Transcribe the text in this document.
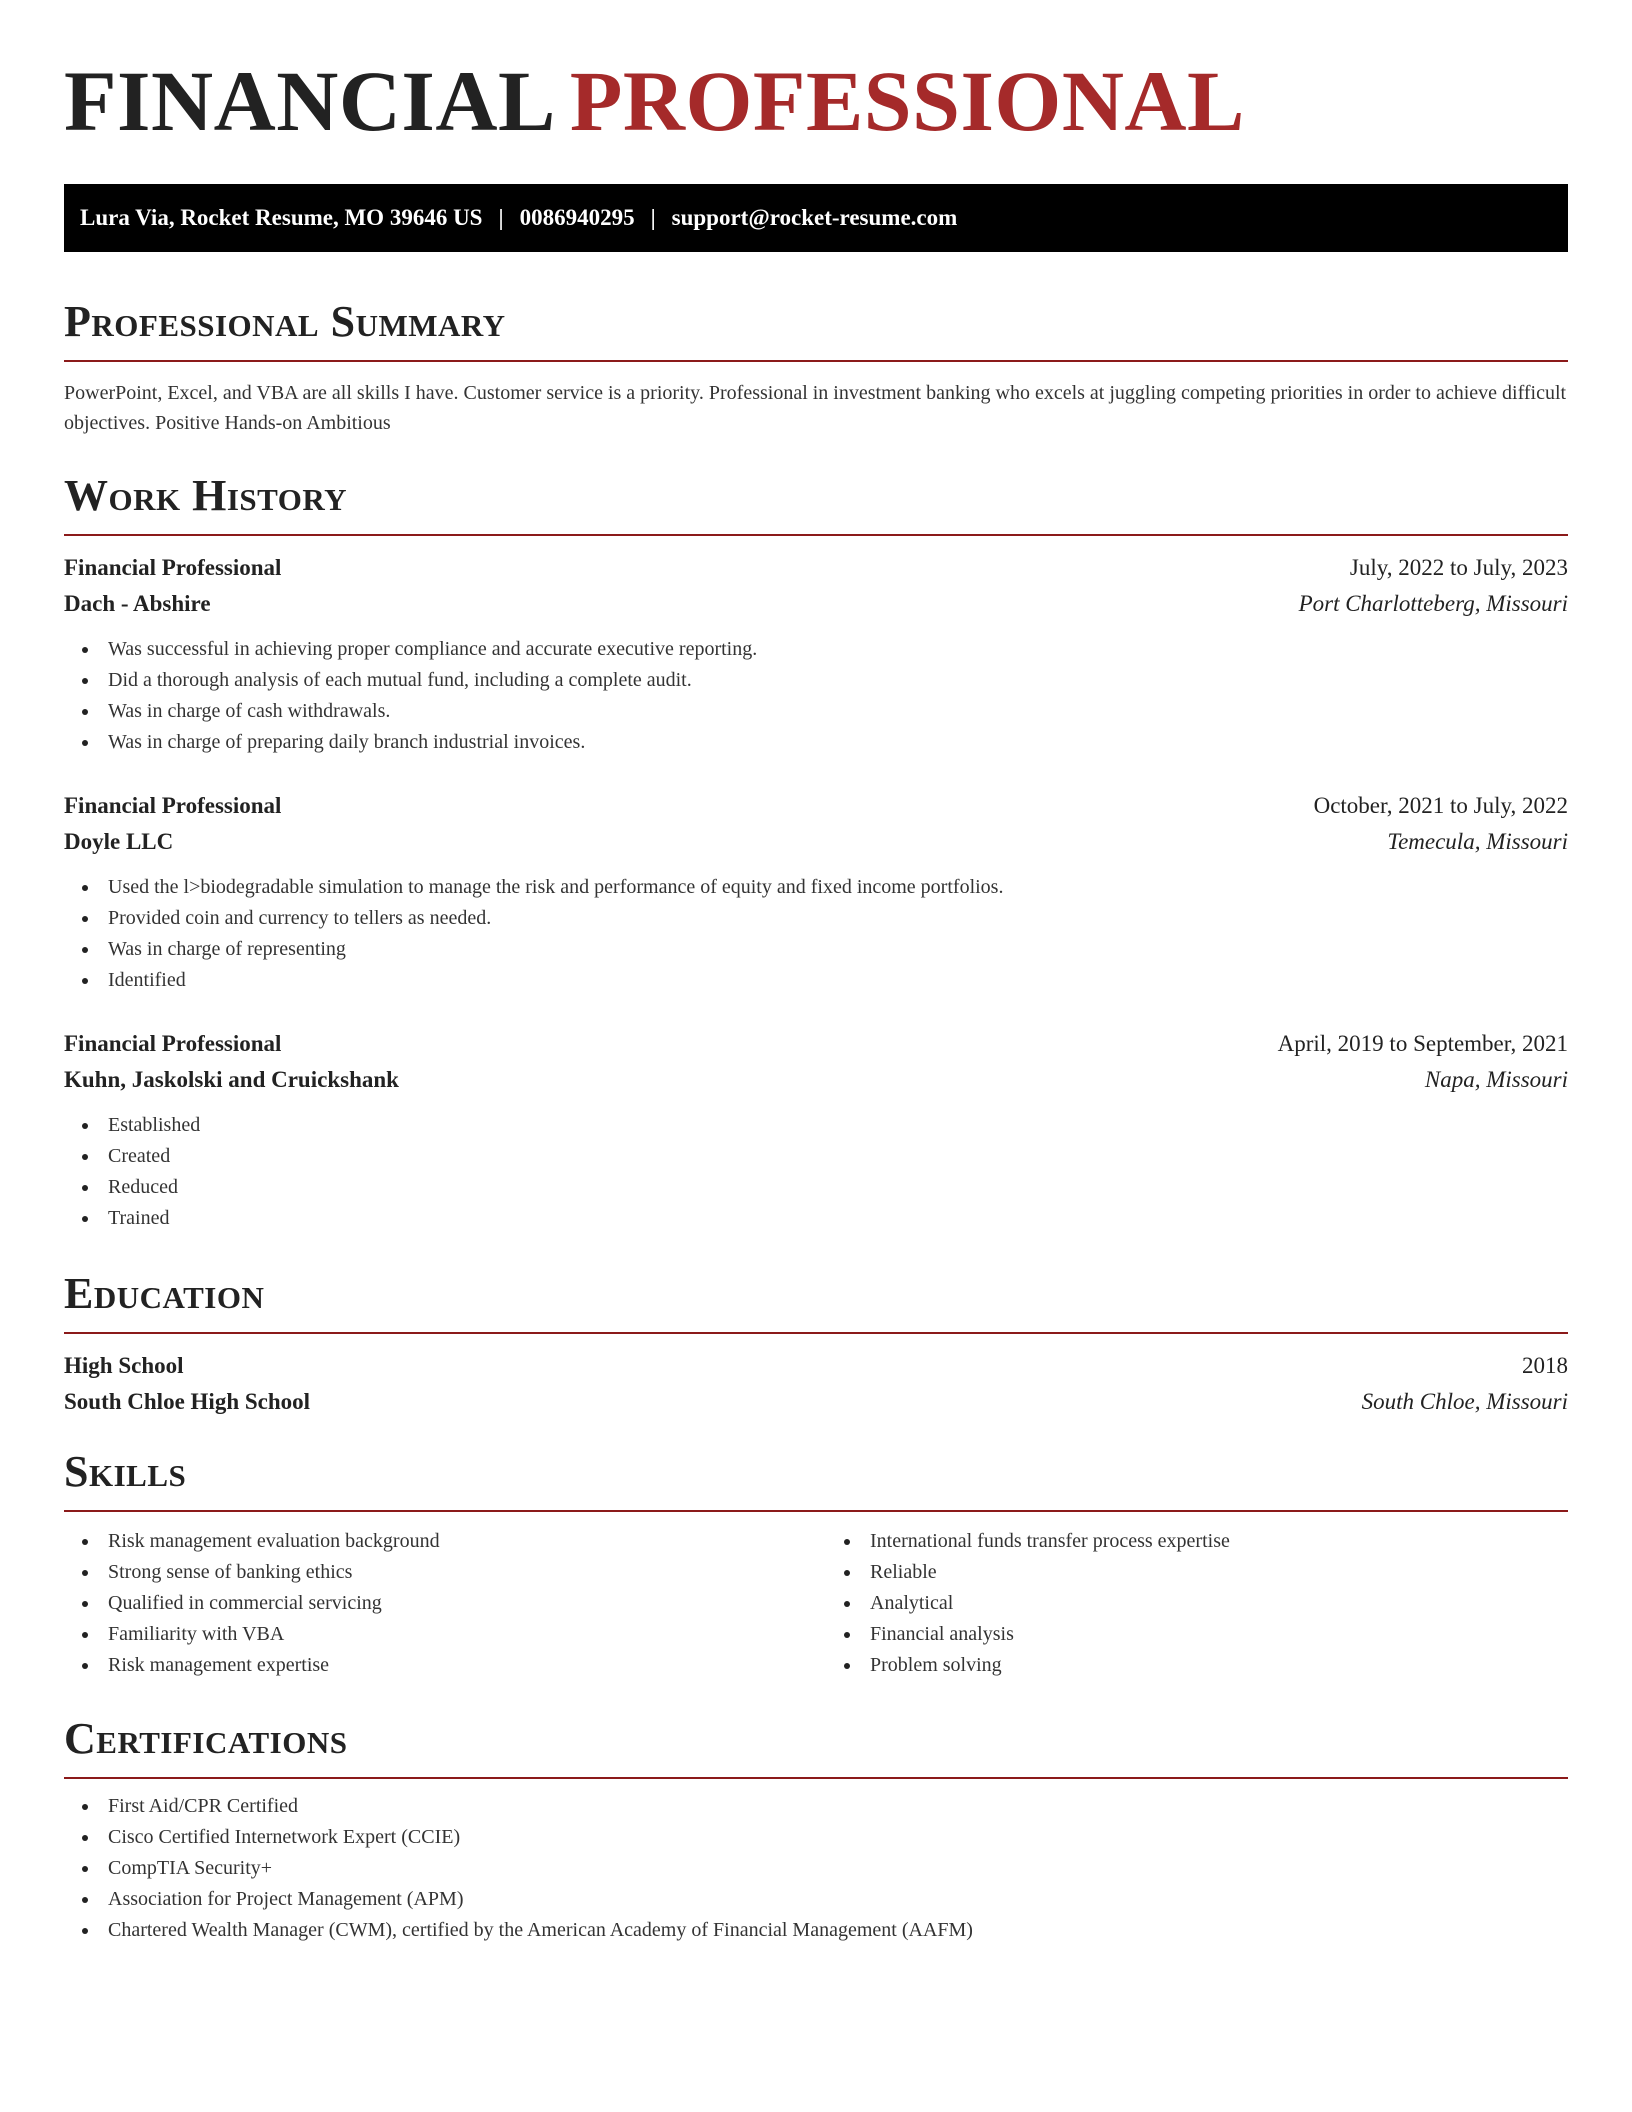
FINANCIAL PROFESSIONAL
Lura Via, Rocket Resume, MO 39646 US | 0086940295 | support@rocket-resume.com
Professional Summary

PowerPoint, Excel, and VBA are all skills I have. Customer service is a priority. Professional in investment banking who excels at juggling competing priorities in order to achieve difficult objectives. Positive Hands-on Ambitious

Work History
Financial Professional	July, 2022 to July, 2023
Dach - Abshire	Port Charlotteberg, Missouri
Was successful in achieving proper compliance and accurate executive reporting.
Did a thorough analysis of each mutual fund, including a complete audit.
Was in charge of cash withdrawals.
Was in charge of preparing daily branch industrial invoices.
Financial Professional	October, 2021 to July, 2022
Doyle LLC	Temecula, Missouri
Used the l>biodegradable simulation to manage the risk and performance of equity and fixed income portfolios.
Provided coin and currency to tellers as needed.
Was in charge of representing
Identified
Financial Professional	April, 2019 to September, 2021
Kuhn, Jaskolski and Cruickshank	Napa, Missouri
Established
Created
Reduced
Trained
Education
High School	2018
South Chloe High School	South Chloe, Missouri
Skills
Risk management evaluation background
Strong sense of banking ethics
Qualified in commercial servicing
Familiarity with VBA
Risk management expertise
International funds transfer process expertise
Reliable
Analytical
Financial analysis
Problem solving
Certifications
First Aid/CPR Certified
Cisco Certified Internetwork Expert (CCIE)
CompTIA Security+
Association for Project Management (APM)
Chartered Wealth Manager (CWM), certified by the American Academy of Financial Management (AAFM)
